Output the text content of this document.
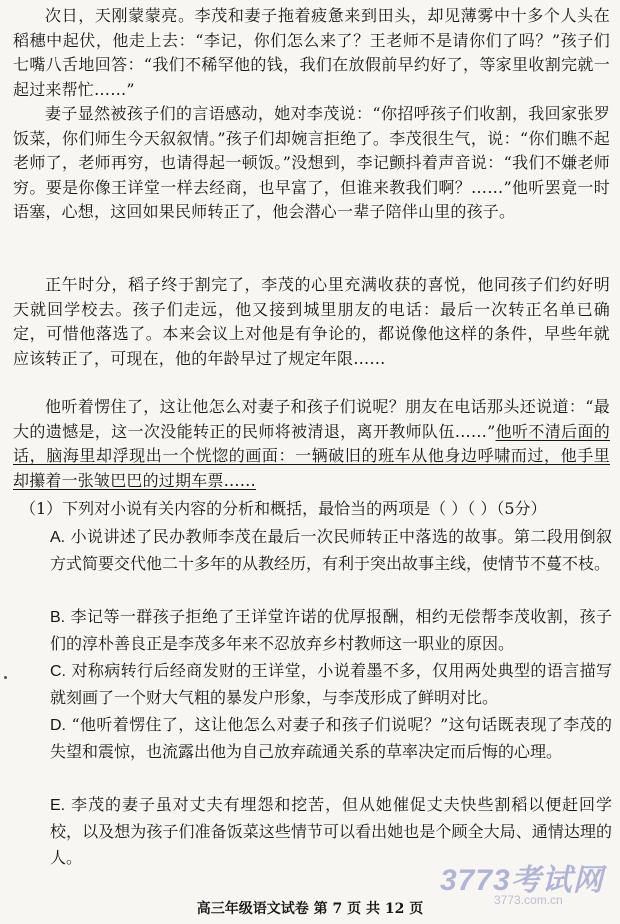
次日，天刚蒙蒙亮。李茂和妻子拖着疲惫来到田头，却见薄雾中十多个人头在稻穗中起伏，他走上去：“李记，你们怎么来了？王老师不是请你们了吗？”孩子们七嘴八舌地回答：“我们不稀罕他的钱，我们在放假前早约好了，等家里收割完就一起过来帮忙……”

妻子显然被孩子们的言语感动，她对李茂说：“你招呼孩子们收割，我回家张罗饭菜，你们师生今天叙叙情。”孩子们却婉言拒绝了。李茂很生气，说：“你们瞧不起老师了，老师再穷，也请得起一顿饭。”没想到，李记颤抖着声音说：“我们不嫌老师穷。要是你像王详堂一样去经商，也早富了，但谁来教我们啊？……”他听罢竟一时语塞，心想，这回如果民师转正了，他会潜心一辈子陪伴山里的孩子。

正午时分，稻子终于割完了，李茂的心里充满收获的喜悦，他同孩子们约好明天就回学校去。孩子们走远，他又接到城里朋友的电话：最后一次转正名单已确定，可惜他落选了。本来会议上对他是有争论的，都说像他这样的条件，早些年就应该转正了，可现在，他的年龄早过了规定年限……

他听着愣住了，这让他怎么对妻子和孩子们说呢？朋友在电话那头还说道：“最大的遗憾是，这一次没能转正的民师将被清退，离开教师队伍……”他听不清后面的话，脑海里却浮现出一个恍惚的画面：一辆破旧的班车从他身边呼啸而过，他手里却攥着一张皱巴巴的过期车票……

（1）下列对小说有关内容的分析和概括，最恰当的两项是（ ）（ ）（5分）

A. 小说讲述了民办教师李茂在最后一次民师转正中落选的故事。第二段用倒叙方式简要交代他二十多年的从教经历，有利于突出故事主线，使情节不蔓不枝。
B. 李记等一群孩子拒绝了王详堂许诺的优厚报酬，相约无偿帮李茂收割，孩子们的淳朴善良正是李茂多年来不忍放弃乡村教师这一职业的原因。
C. 对称病转行后经商发财的王详堂，小说着墨不多，仅用两处典型的语言描写就刻画了一个财大气粗的暴发户形象，与李茂形成了鲜明对比。
D. “他听着愣住了，这让他怎么对妻子和孩子们说呢？”这句话既表现了李茂的失望和震惊，也流露出他为自己放弃疏通关系的草率决定而后悔的心理。
E. 李茂的妻子虽对丈夫有埋怨和挖苦，但从她催促丈夫快些割稻以便赶回学校，以及想为孩子们准备饭菜这些情节可以看出她也是个顾全大局、通情达理的人。
3773考试网
3773.com.cn
高三年级语文试卷 第 7 页 共 12 页
